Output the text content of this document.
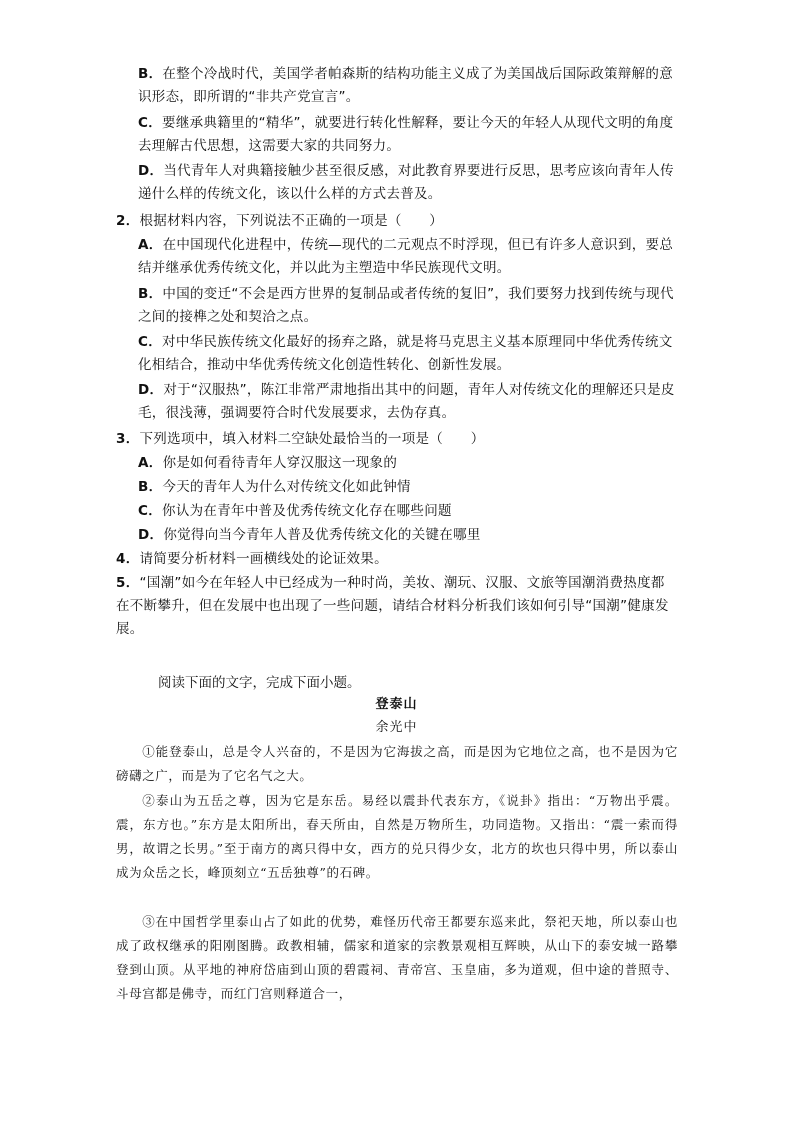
B．在整个冷战时代，美国学者帕森斯的结构功能主义成了为美国战后国际政策辩解的意识形态，即所谓的“非共产党宣言”。
C．要继承典籍里的“精华”，就要进行转化性解释，要让今天的年轻人从现代文明的角度去理解古代思想，这需要大家的共同努力。
D．当代青年人对典籍接触少甚至很反感，对此教育界要进行反思，思考应该向青年人传递什么样的传统文化，该以什么样的方式去普及。
2．根据材料内容，下列说法不正确的一项是（　　）
A．在中国现代化进程中，传统—现代的二元观点不时浮现，但已有许多人意识到，要总结并继承优秀传统文化，并以此为主塑造中华民族现代文明。
B．中国的变迁“不会是西方世界的复制品或者传统的复旧”，我们要努力找到传统与现代之间的接榫之处和契洽之点。
C．对中华民族传统文化最好的扬弃之路，就是将马克思主义基本原理同中华优秀传统文化相结合，推动中华优秀传统文化创造性转化、创新性发展。
D．对于“汉服热”，陈江非常严肃地指出其中的问题，青年人对传统文化的理解还只是皮毛，很浅薄，强调要符合时代发展要求，去伪存真。
3．下列选项中，填入材料二空缺处最恰当的一项是（　　）
A．你是如何看待青年人穿汉服这一现象的
B．今天的青年人为什么对传统文化如此钟情
C．你认为在青年中普及优秀传统文化存在哪些问题
D．你觉得向当今青年人普及优秀传统文化的关键在哪里
4．请简要分析材料一画横线处的论证效果。
5．“国潮”如今在年轻人中已经成为一种时尚，美妆、潮玩、汉服、文旅等国潮消费热度都在不断攀升，但在发展中也出现了一些问题，请结合材料分析我们该如何引导“国潮”健康发展。
阅读下面的文字，完成下面小题。
登泰山
余光中
①能登泰山，总是令人兴奋的，不是因为它海拔之高，而是因为它地位之高，也不是因为它磅礴之广，而是为了它名气之大。
②泰山为五岳之尊，因为它是东岳。易经以震卦代表东方，《说卦》指出：“万物出乎震。震，东方也。”东方是太阳所出，春天所由，自然是万物所生，功同造物。又指出：“震一索而得男，故谓之长男。”至于南方的离只得中女，西方的兑只得少女，北方的坎也只得中男，所以泰山成为众岳之长，峰顶刻立“五岳独尊”的石碑。
③在中国哲学里泰山占了如此的优势，难怪历代帝王都要东巡来此，祭祀天地，所以泰山也成了政权继承的阳刚图腾。政教相辅，儒家和道家的宗教景观相互辉映，从山下的泰安城一路攀登到山顶。从平地的神府岱庙到山顶的碧霞祠、青帝宫、玉皇庙，多为道观，但中途的普照寺、斗母宫都是佛寺，而红门宫则释道合一，
